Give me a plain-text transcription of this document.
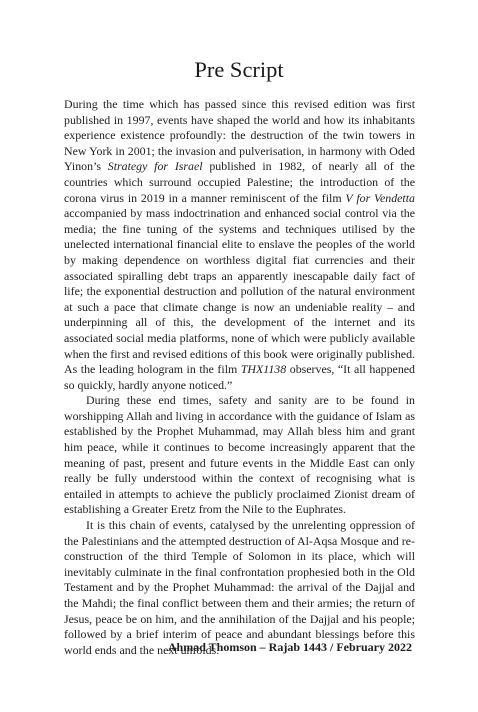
Pre Script

During the time which has passed since this revised edition was first published in 1997, events have shaped the world and how its inhabitants experience existence profoundly: the destruction of the twin towers in New York in 2001; the invasion and pulverisation, in harmony with Oded Yinon’s Strategy for Israel published in 1982, of nearly all of the countries which surround occupied Palestine; the introduction of the corona virus in 2019 in a manner reminiscent of the film V for Vendetta accompanied by mass indoctrination and enhanced social control via the media; the fine tuning of the systems and techniques utilised by the unelected international financial elite to enslave the peoples of the world by making dependence on worthless digital fiat currencies and their associated spiralling debt traps an apparently inescapable daily fact of life; the exponential destruction and pollution of the natural environment at such a pace that climate change is now an undeniable reality – and underpinning all of this, the development of the internet and its associated social media platforms, none of which were publicly available when the first and revised editions of this book were originally published. As the leading hologram in the film THX1138 observes, “It all happened so quickly, hardly anyone noticed.”

During these end times, safety and sanity are to be found in worshipping Allah and living in accordance with the guidance of Islam as established by the Prophet Muhammad, may Allah bless him and grant him peace, while it continues to become increasingly apparent that the meaning of past, present and future events in the Middle East can only really be fully understood within the context of recognising what is entailed in attempts to achieve the publicly proclaimed Zionist dream of establishing a Greater Eretz from the Nile to the Euphrates.

It is this chain of events, catalysed by the unrelenting oppression of the Palestinians and the attempted destruction of Al-Aqsa Mosque and re-construction of the third Temple of Solomon in its place, which will inevitably culminate in the final confrontation prophesied both in the Old Testament and by the Prophet Muhammad: the arrival of the Dajjal and the Mahdi; the final conflict between them and their armies; the return of Jesus, peace be on him, and the annihilation of the Dajjal and his people; followed by a brief interim of peace and abundant blessings before this world ends and the next unfolds.

Ahmad Thomson – Rajab 1443 / February 2022
